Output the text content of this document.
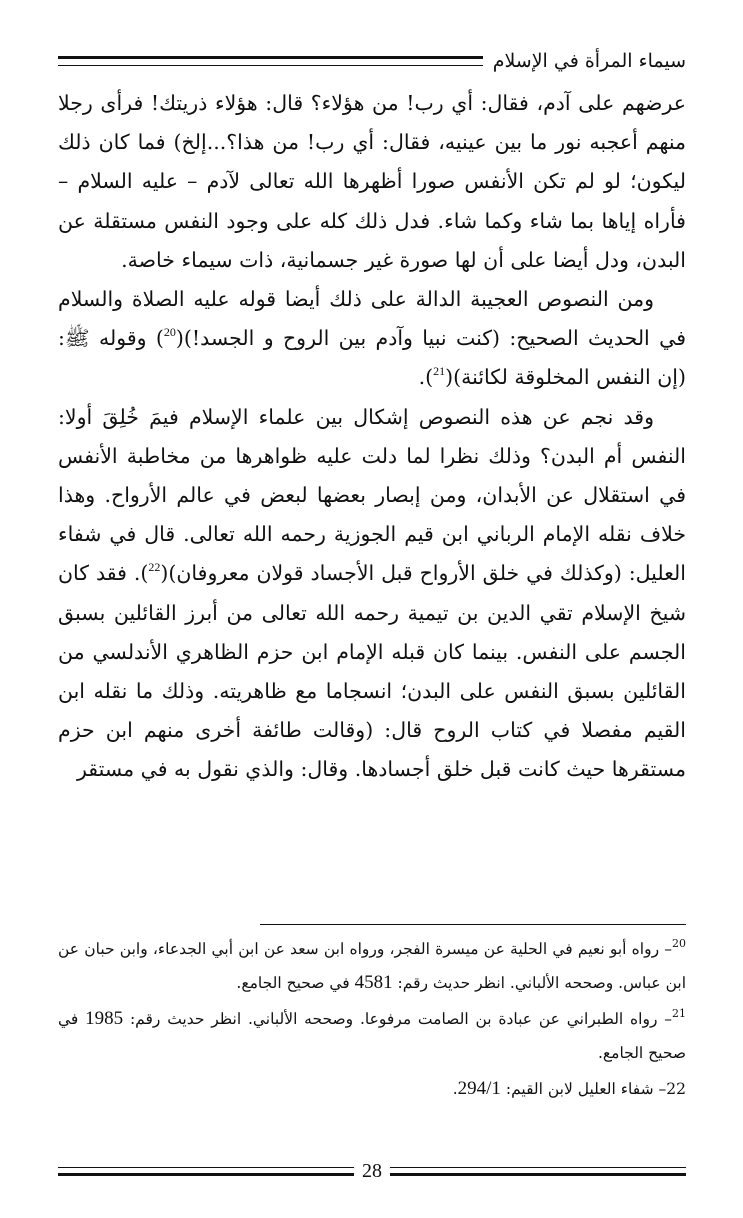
سيماء المرأة في الإسلام

عرضهم على آدم، فقال: أي رب! من هؤلاء؟ قال: هؤلاء ذريتك! فرأى رجلا منهم أعجبه نور ما بين عينيه، فقال: أي رب! من هذا؟...إلخ) فما كان ذلك ليكون؛ لو لم تكن الأنفس صورا أظهرها الله تعالى لآدم – عليه السلام – فأراه إياها بما شاء وكما شاء. فدل ذلك كله على وجود النفس مستقلة عن البدن، ودل أيضا على أن لها صورة غير جسمانية، ذات سيماء خاصة.

ومن النصوص العجيبة الدالة على ذلك أيضا قوله عليه الصلاة والسلام في الحديث الصحيح: (كنت نبيا وآدم بين الروح و الجسد!)($^{20}$) وقوله ﷺ: (إن النفس المخلوقة لكائنة)($^{21}$).

وقد نجم عن هذه النصوص إشكال بين علماء الإسلام فيمَ خُلِقَ أولا: النفس أم البدن؟ وذلك نظرا لما دلت عليه ظواهرها من مخاطبة الأنفس في استقلال عن الأبدان، ومن إبصار بعضها لبعض في عالم الأرواح. وهذا خلاف نقله الإمام الرباني ابن قيم الجوزية رحمه الله تعالى. قال في شفاء العليل: (وكذلك في خلق الأرواح قبل الأجساد قولان معروفان)($^{22}$). فقد كان شيخ الإسلام تقي الدين بن تيمية رحمه الله تعالى من أبرز القائلين بسبق الجسم على النفس. بينما كان قبله الإمام ابن حزم الظاهري الأندلسي من القائلين بسبق النفس على البدن؛ انسجاما مع ظاهريته. وذلك ما نقله ابن القيم مفصلا في كتاب الروح قال: (وقالت طائفة أخرى منهم ابن حزم مستقرها حيث كانت قبل خلق أجسادها. وقال: والذي نقول به في مستقر

$^{20}$– رواه أبو نعيم في الحلية عن ميسرة الفجر، ورواه ابن سعد عن ابن أبي الجدعاء، وابن حبان عن ابن عباس. وصححه الألباني. انظر حديث رقم: 4581 في صحيح الجامع.

$^{21}$– رواه الطبراني عن عبادة بن الصامت مرفوعا. وصححه الألباني. انظر حديث رقم: 1985 في صحيح الجامع.

22– شفاء العليل لابن القيم: 294/1.

28
